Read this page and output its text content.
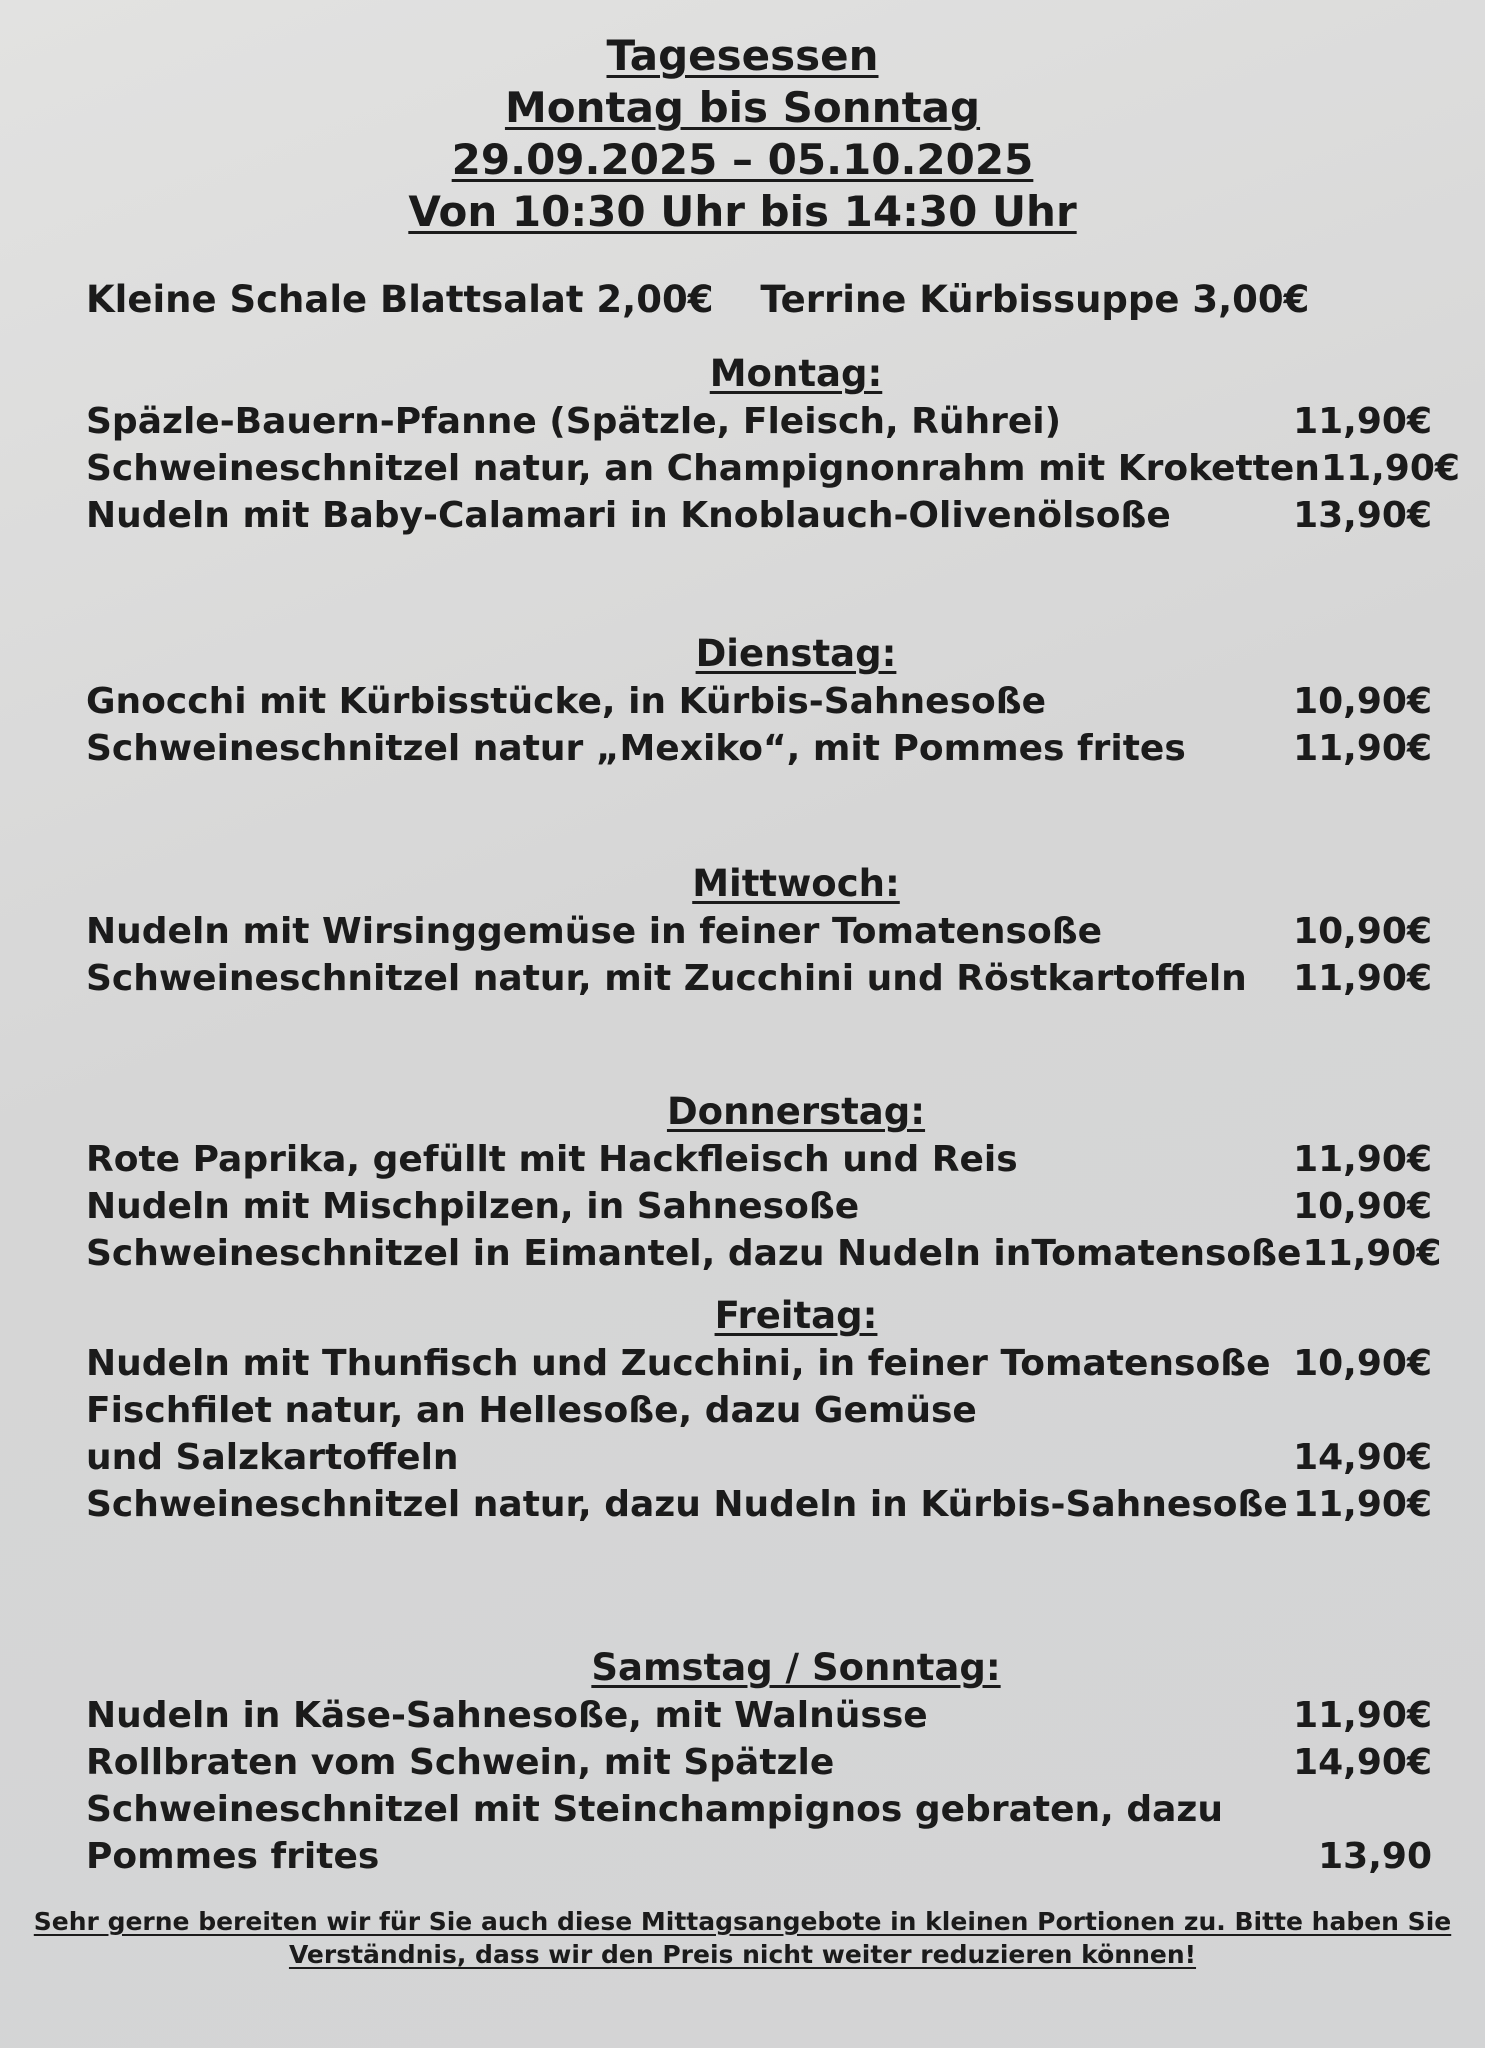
Tagesessen
Montag bis Sonntag
29.09.2025 – 05.10.2025
Von 10:30 Uhr bis 14:30 Uhr
Kleine Schale Blattsalat 2,00€ Terrine Kürbissuppe 3,00€
Montag:
Späzle-Bauern-Pfanne (Spätzle, Fleisch, Rührei)	11,90€
Schweineschnitzel natur, an Champignonrahm mit Kroketten 11,90€
Nudeln mit Baby-Calamari in Knoblauch-Olivenölsoße	13,90€
Dienstag:
Gnocchi mit Kürbisstücke, in Kürbis-Sahnesoße	10,90€
Schweineschnitzel natur „Mexiko“, mit Pommes frites	11,90€
Mittwoch:
Nudeln mit Wirsinggemüse in feiner Tomatensoße	10,90€
Schweineschnitzel natur, mit Zucchini und Röstkartoffeln	11,90€
Donnerstag:
Rote Paprika, gefüllt mit Hackfleisch und Reis	11,90€
Nudeln mit Mischpilzen, in Sahnesoße	10,90€
Schweineschnitzel in Eimantel, dazu Nudeln inTomatensoße 11,90€
Freitag:
Nudeln mit Thunfisch und Zucchini, in feiner Tomatensoße 10,90€
Fischfilet natur, an Hellesoße, dazu Gemüse
und Salzkartoffeln	14,90€
Schweineschnitzel natur, dazu Nudeln in Kürbis-Sahnesoße 11,90€
Samstag / Sonntag:
Nudeln in Käse-Sahnesoße, mit Walnüsse	11,90€
Rollbraten vom Schwein, mit Spätzle	14,90€
Schweineschnitzel mit Steinchampignos gebraten, dazu
Pommes frites	13,90
Sehr gerne bereiten wir für Sie auch diese Mittagsangebote in kleinen Portionen zu. Bitte haben Sie
Verständnis, dass wir den Preis nicht weiter reduzieren können!
